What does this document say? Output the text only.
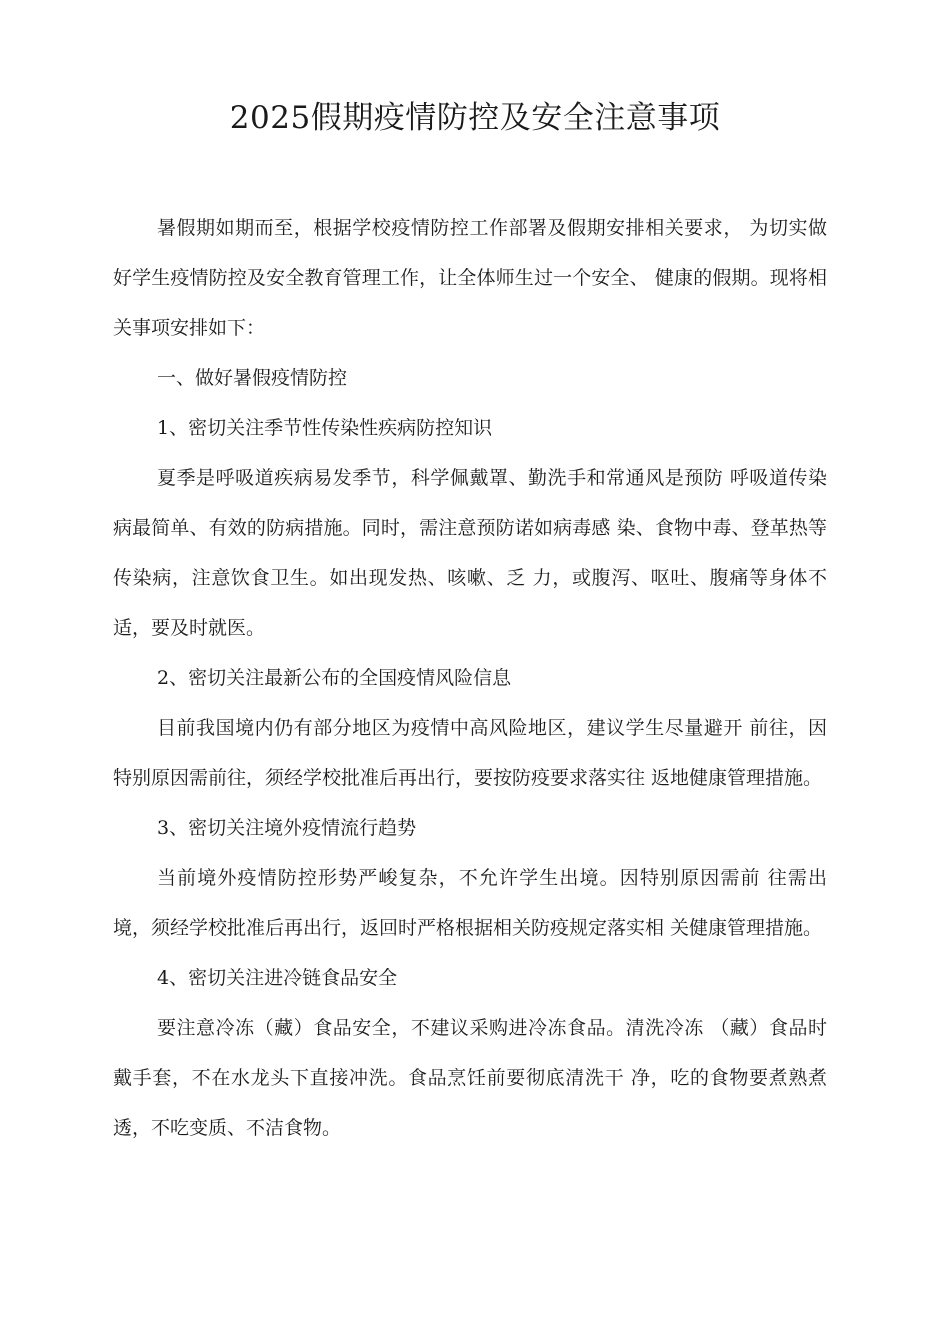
2025假期疫情防控及安全注意事项

暑假期如期而至，根据学校疫情防控工作部署及假期安排相关要求， 为切实做好学生疫情防控及安全教育管理工作，让全体师生过一个安全、 健康的假期。现将相关事项安排如下：

一、做好暑假疫情防控

1、密切关注季节性传染性疾病防控知识

夏季是呼吸道疾病易发季节，科学佩戴罩、勤洗手和常通风是预防 呼吸道传染病最简单、有效的防病措施。同时，需注意预防诺如病毒感 染、食物中毒、登革热等传染病，注意饮食卫生。如出现发热、咳嗽、乏 力，或腹泻、呕吐、腹痛等身体不适，要及时就医。

2、密切关注最新公布的全国疫情风险信息

目前我国境内仍有部分地区为疫情中高风险地区，建议学生尽量避开 前往，因特别原因需前往，须经学校批准后再出行，要按防疫要求落实往 返地健康管理措施。

3、密切关注境外疫情流行趋势

当前境外疫情防控形势严峻复杂，不允许学生出境。因特别原因需前 往需出境，须经学校批准后再出行，返回时严格根据相关防疫规定落实相 关健康管理措施。

4、密切关注进冷链食品安全

要注意冷冻（藏）食品安全，不建议采购进冷冻食品。清洗冷冻 （藏）食品时戴手套，不在水龙头下直接冲洗。食品烹饪前要彻底清洗干 净，吃的食物要煮熟煮透，不吃变质、不洁食物。
